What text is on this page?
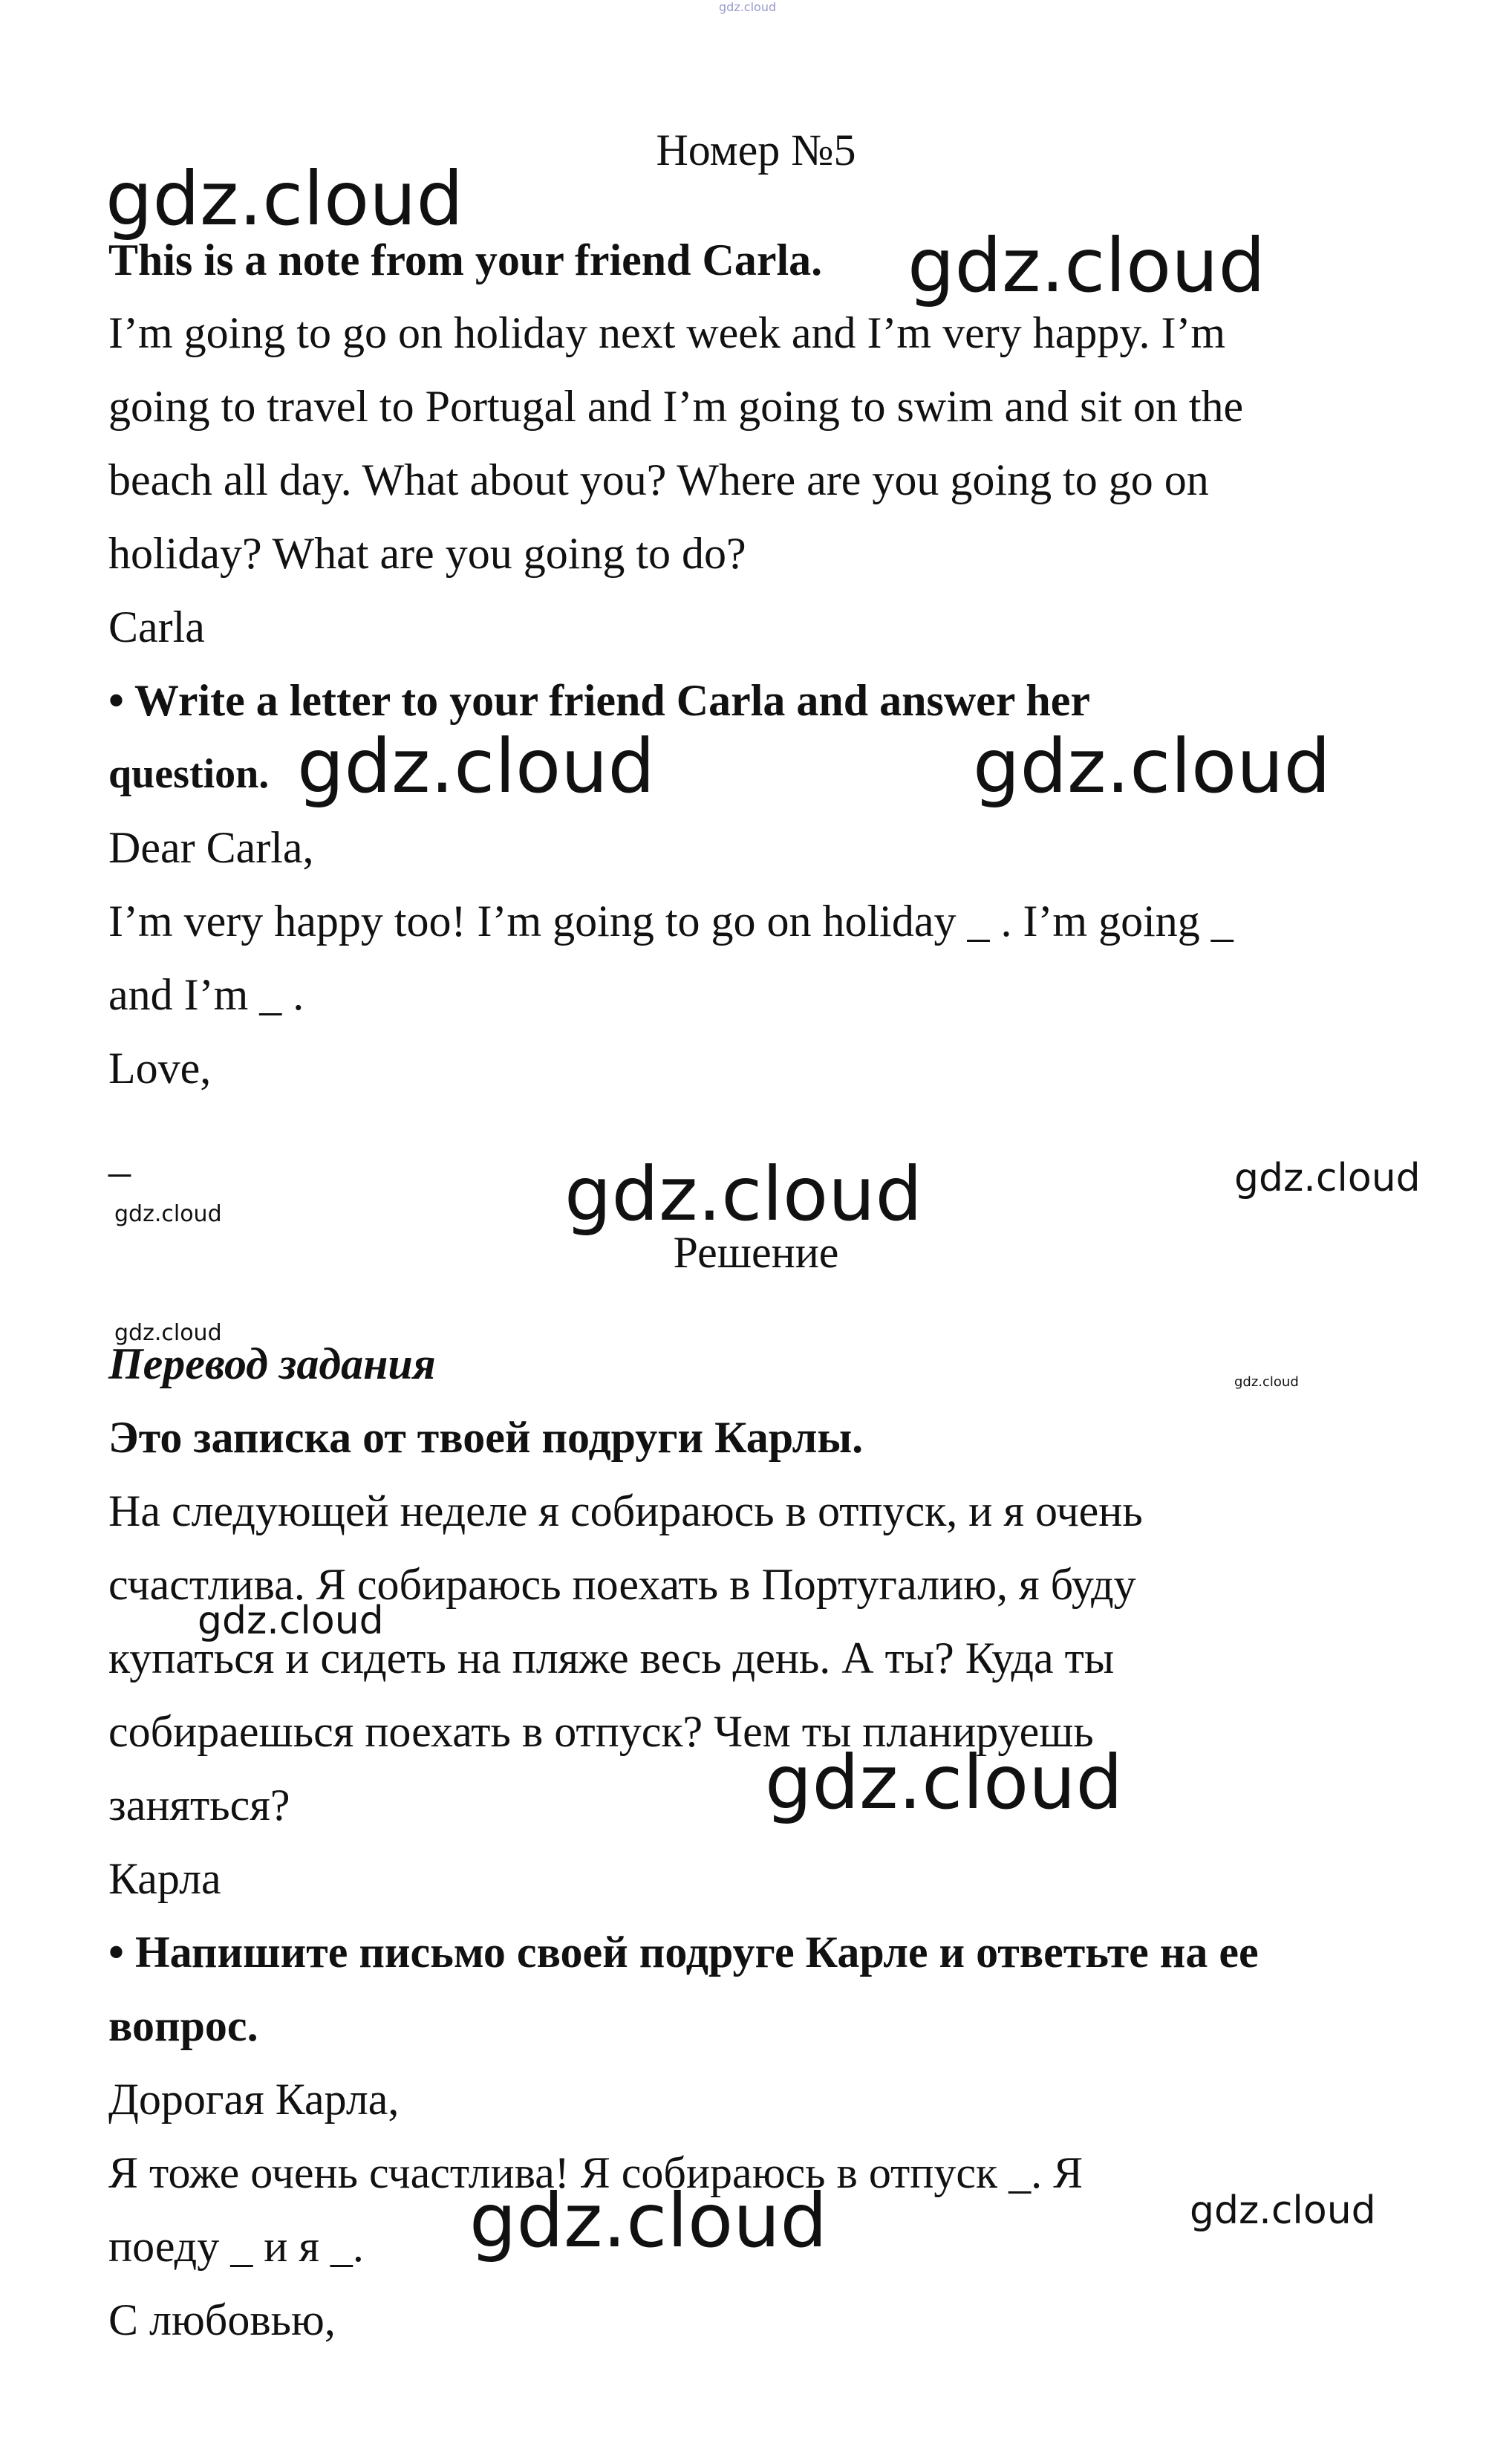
gdz.cloud

Номер №5

This is a note from your friend Carla.

I’m going to go on holiday next week and I’m very happy. I’m

going to travel to Portugal and I’m going to swim and sit on the

beach all day. What about you? Where are you going to go on

holiday? What are you going to do?

Carla

• Write a letter to your friend Carla and answer her

question.

Dear Carla,

I’m very happy too! I’m going to go on holiday _ . I’m going _

and I’m _ .

Love,

_

Решение

Перевод задания

Это записка от твоей подруги Карлы.

На следующей неделе я собираюсь в отпуск, и я очень

счастлива. Я собираюсь поехать в Португалию, я буду

купаться и сидеть на пляже весь день. А ты? Куда ты

собираешься поехать в отпуск? Чем ты планируешь

заняться?

Карла

• Напишите письмо своей подруге Карле и ответьте на ее

вопрос.

Дорогая Карла,

Я тоже очень счастлива! Я собираюсь в отпуск _. Я

поеду _ и я _.

С любовью,

gdz.cloud
gdz.cloud
gdz.cloud	gdz.cloud
gdz.cloud	gdz.cloud
gdz.cloud
gdz.cloud
gdz.cloud
gdz.cloud
gdz.cloud
gdz.cloud
gdz.cloud
